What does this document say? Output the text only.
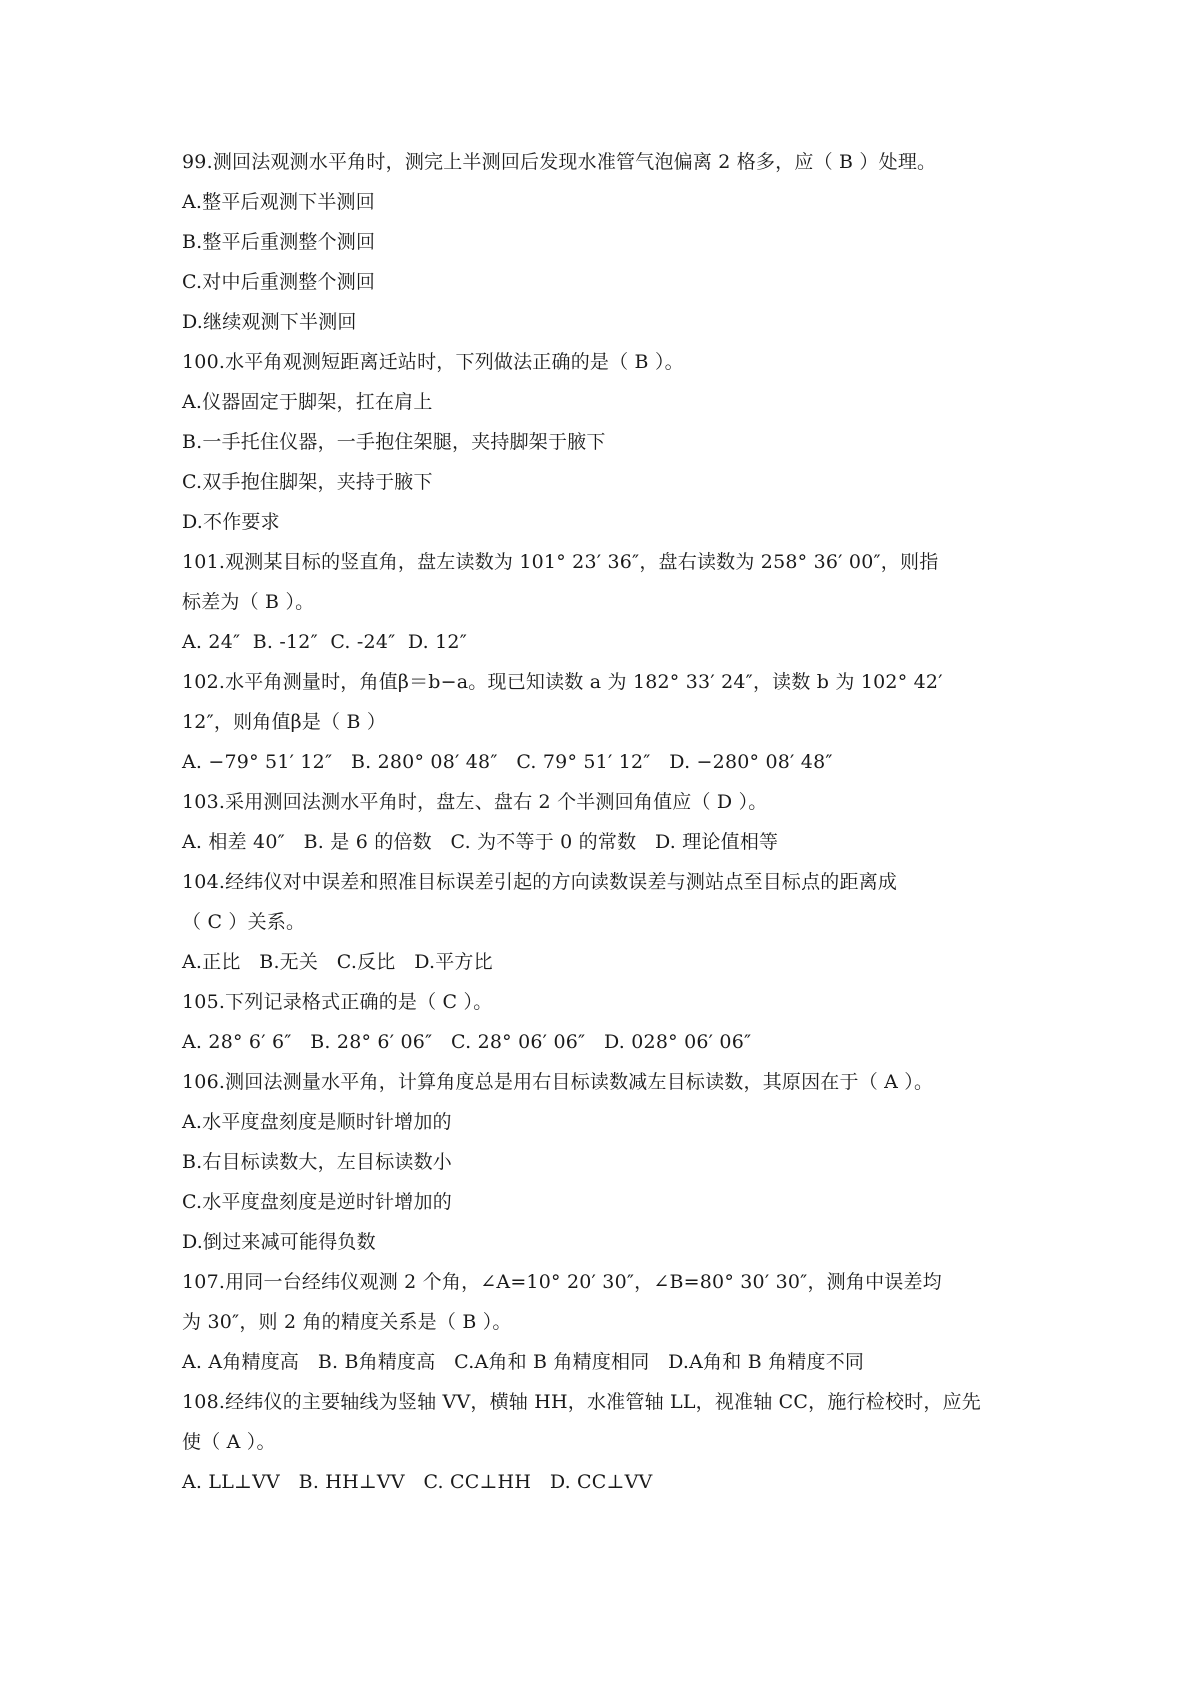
99.测回法观测水平角时，测完上半测回后发现水准管气泡偏离 2 格多，应（ B ）处理。
A.整平后观测下半测回
B.整平后重测整个测回
C.对中后重测整个测回
D.继续观测下半测回
100.水平角观测短距离迁站时，下列做法正确的是（ B ）。
A.仪器固定于脚架，扛在肩上
B.一手托住仪器，一手抱住架腿，夹持脚架于腋下
C.双手抱住脚架，夹持于腋下
D.不作要求
101.观测某目标的竖直角，盘左读数为 101° 23′ 36″，盘右读数为 258° 36′ 00″，则指
标差为（ B ）。
A. 24″  B. -12″  C. -24″  D. 12″
102.水平角测量时，角值β＝b−a。现已知读数 a 为 182° 33′ 24″，读数 b 为 102° 42′
12″，则角值β是（ B ）
A. −79° 51′ 12″   B. 280° 08′ 48″   C. 79° 51′ 12″   D. −280° 08′ 48″
103.采用测回法测水平角时，盘左、盘右 2 个半测回角值应（ D ）。
A. 相差 40″   B. 是 6 的倍数   C. 为不等于 0 的常数   D. 理论值相等
104.经纬仪对中误差和照准目标误差引起的方向读数误差与测站点至目标点的距离成
（ C ）关系。
A.正比   B.无关   C.反比   D.平方比
105.下列记录格式正确的是（ C ）。
A. 28° 6′ 6″   B. 28° 6′ 06″   C. 28° 06′ 06″   D. 028° 06′ 06″
106.测回法测量水平角，计算角度总是用右目标读数减左目标读数，其原因在于（ A ）。
A.水平度盘刻度是顺时针增加的
B.右目标读数大，左目标读数小
C.水平度盘刻度是逆时针增加的
D.倒过来减可能得负数
107.用同一台经纬仪观测 2 个角，∠A=10° 20′ 30″，∠B=80° 30′ 30″，测角中误差均
为 30″，则 2 角的精度关系是（ B ）。
A. A角精度高   B. B角精度高   C.A角和 B 角精度相同   D.A角和 B 角精度不同
108.经纬仪的主要轴线为竖轴 VV，横轴 HH，水准管轴 LL，视准轴 CC，施行检校时，应先
使（ A ）。
A. LL⊥VV   B. HH⊥VV   C. CC⊥HH   D. CC⊥VV
